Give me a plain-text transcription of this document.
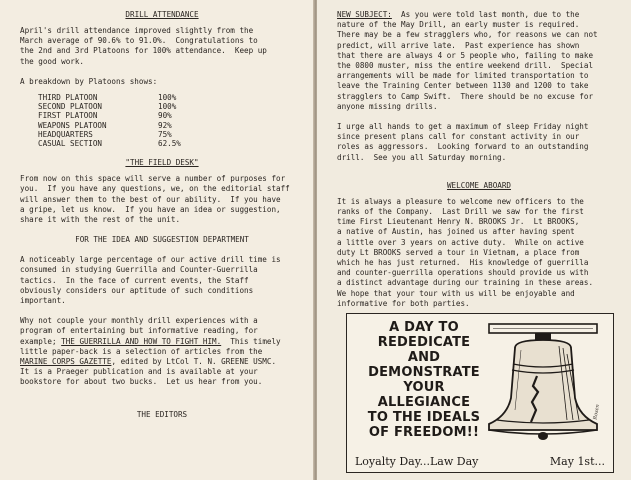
DRILL ATTENDANCE

April's drill attendance improved slightly from the

March average of 90.6% to 91.0%.  Congratulations to

the 2nd and 3rd Platoons for 100% attendance.  Keep up

the good work.

A breakdown by Platoons shows:

THIRD PLATOON	100%
SECOND PLATOON	100%
FIRST PLATOON	90%
WEAPONS PLATOON	92%
HEADQUARTERS	75%
CASUAL SECTION	62.5%

"THE FIELD DESK"

From now on this space will serve a number of purposes for

you.  If you have any questions, we, on the editorial staff

will answer them to the best of our ability.  If you have

a gripe, let us know.  If you have an idea or suggestion,

share it with the rest of the unit.

FOR THE IDEA AND SUGGESTION DEPARTMENT

A noticeably large percentage of our active drill time is

consumed in studying Guerrilla and Counter-Guerrilla

tactics.  In the face of current events, the Staff

obviously considers our aptitude of such conditions

important.

Why not couple your monthly drill experiences with a

program of entertaining but informative reading, for

example; THE GUERRILLA AND HOW TO FIGHT HIM.  This timely

little paper-back is a selection of articles from the

MARINE CORPS GAZETTE, edited by LtCol T. N. GREENE USMC.

It is a Praeger publication and is available at your

bookstore for about two bucks.  Let us hear from you.

THE EDITORS

NEW SUBJECT:  As you were told last month, due to the

nature of the May Drill, an early muster is required.

There may be a few stragglers who, for reasons we can not

predict, will arrive late.  Past experience has shown

that there are always 4 or 5 people who, failing to make

the 0800 muster, miss the entire weekend drill.  Special

arrangements will be made for limited transportation to

leave the Training Center between 1130 and 1200 to take

stragglers to Camp Swift.  There should be no excuse for

anyone missing drills.

I urge all hands to get a maximum of sleep Friday night

since present plans call for constant activity in our

roles as aggressors.  Looking forward to an outstanding

drill.  See you all Saturday morning.

WELCOME ABOARD

It is always a pleasure to welcome new officers to the

ranks of the Company.  Last Drill we saw for the first

time First Lieutenant Henry N. BROOKS Jr.  Lt BROOKS,

a native of Austin, has joined us after having spent

a little over 3 years on active duty.  While on active

duty Lt BROOKS served a tour in Vietnam, a place from

which he has just returned.  His knowledge of guerrilla

and counter-guerrilla operations should provide us with

a distinct advantage during our training in these areas.

We hope that your tour with us will be enjoyable and

informative for both parties.

A DAY TO
REDEDICATE
AND
DEMONSTRATE
YOUR ALLEGIANCE
TO THE IDEALS
OF FREEDOM!!
Rosen
Loyalty Day...Law Day	May 1st...
